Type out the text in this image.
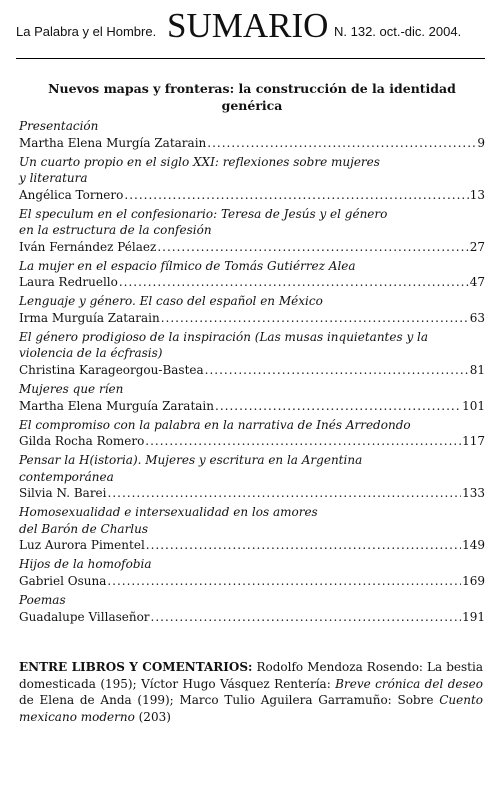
La Palabra y el Hombre. SUMARIO N. 132. oct.-dic. 2004.
Nuevos mapas y fronteras: la construcción de la identidad genérica
Presentación
Martha Elena Murgía Zatarain .....	9
Un cuarto propio en el siglo XXI: reflexiones sobre mujeres
y literatura
Angélica Tornero .....	13
El speculum en el confesionario: Teresa de Jesús y el género
en la estructura de la confesión
Iván Fernández Pélaez .....	27
La mujer en el espacio fílmico de Tomás Gutiérrez Alea
Laura Redruello .....	47
Lenguaje y género. El caso del español en México
Irma Murguía Zatarain .....	63
El género prodigioso de la inspiración (Las musas inquietantes y la
violencia de la écfrasis)
Christina Karageorgou-Bastea .....	81
Mujeres que ríen
Martha Elena Murguía Zaratain .....	101
El compromiso con la palabra en la narrativa de Inés Arredondo
Gilda Rocha Romero .....	117
Pensar la H(istoria). Mujeres y escritura en la Argentina
contemporánea
Silvia N. Barei .....	133
Homosexualidad e intersexualidad en los amores
del Barón de Charlus
Luz Aurora Pimentel .....	149
Hijos de la homofobia
Gabriel Osuna .....	169
Poemas
Guadalupe Villaseñor .....	191
ENTRE LIBROS Y COMENTARIOS: Rodolfo Mendoza Rosendo: La bestia domesticada (195); Víctor Hugo Vásquez Rentería: Breve crónica del deseo de Elena de Anda (199); Marco Tulio Aguilera Garramuño: Sobre Cuento mexicano moderno (203)
